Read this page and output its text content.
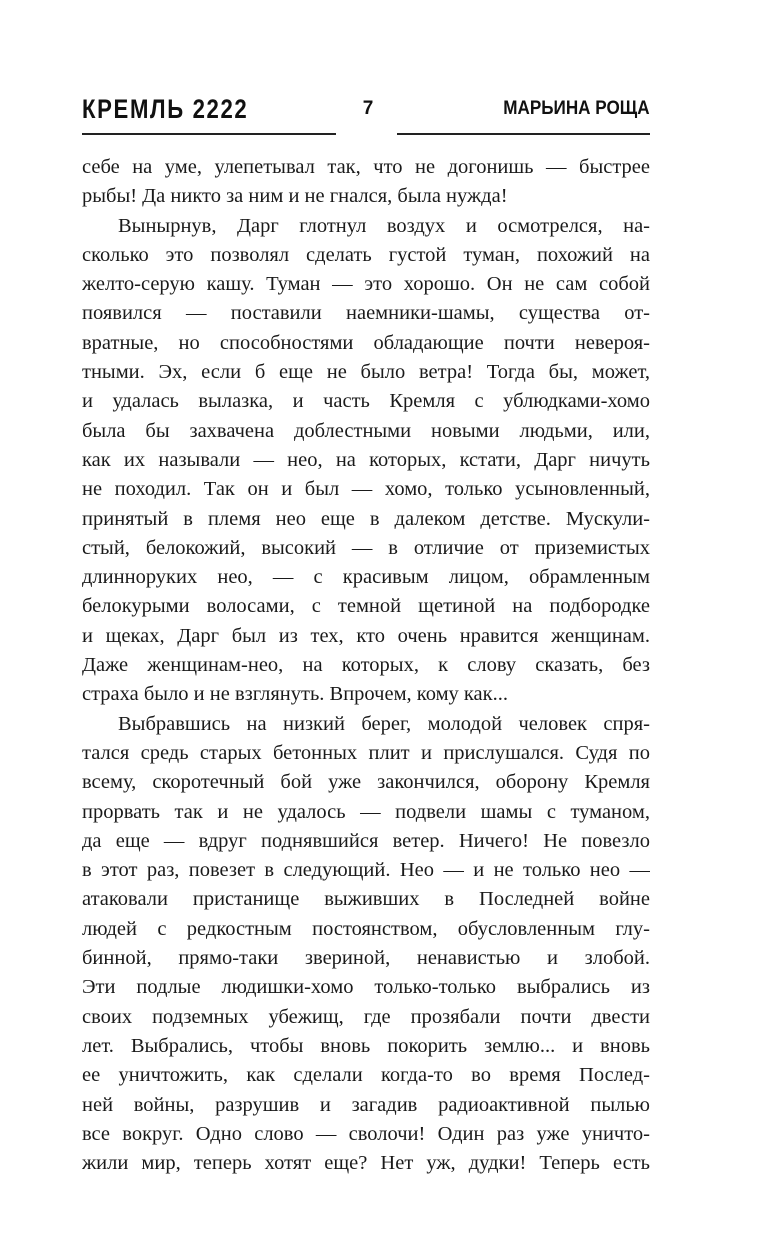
КРЕМЛЬ 2222	7	МАРЬИНА РОЩА
себе на уме, улепетывал так, что не догонишь — быстрее
рыбы! Да никто за ним и не гнался, была нужда!
Вынырнув, Дарг глотнул воздух и осмотрелся, на-
сколько это позволял сделать густой туман, похожий на
желто-серую кашу. Туман — это хорошо. Он не сам собой
появился — поставили наемники-шамы, существа от-
вратные, но способностями обладающие почти невероя-
тными. Эх, если б еще не было ветра! Тогда бы, может,
и удалась вылазка, и часть Кремля с ублюдками-хомо
была бы захвачена доблестными новыми людьми, или,
как их называли — нео, на которых, кстати, Дарг ничуть
не походил. Так он и был — хомо, только усыновленный,
принятый в племя нео еще в далеком детстве. Мускули-
стый, белокожий, высокий — в отличие от приземистых
длинноруких нео, — с красивым лицом, обрамленным
белокурыми волосами, с темной щетиной на подбородке
и щеках, Дарг был из тех, кто очень нравится женщинам.
Даже женщинам-нео, на которых, к слову сказать, без
страха было и не взглянуть. Впрочем, кому как...
Выбравшись на низкий берег, молодой человек спря-
тался средь старых бетонных плит и прислушался. Судя по
всему, скоротечный бой уже закончился, оборону Кремля
прорвать так и не удалось — подвели шамы с туманом,
да еще — вдруг поднявшийся ветер. Ничего! Не повезло
в этот раз, повезет в следующий. Нео — и не только нео —
атаковали пристанище выживших в Последней войне
людей с редкостным постоянством, обусловленным глу-
бинной, прямо-таки звериной, ненавистью и злобой.
Эти подлые людишки-хомо только-только выбрались из
своих подземных убежищ, где прозябали почти двести
лет. Выбрались, чтобы вновь покорить землю... и вновь
ее уничтожить, как сделали когда-то во время Послед-
ней войны, разрушив и загадив радиоактивной пылью
все вокруг. Одно слово — сволочи! Один раз уже уничто-
жили мир, теперь хотят еще? Нет уж, дудки! Теперь есть
